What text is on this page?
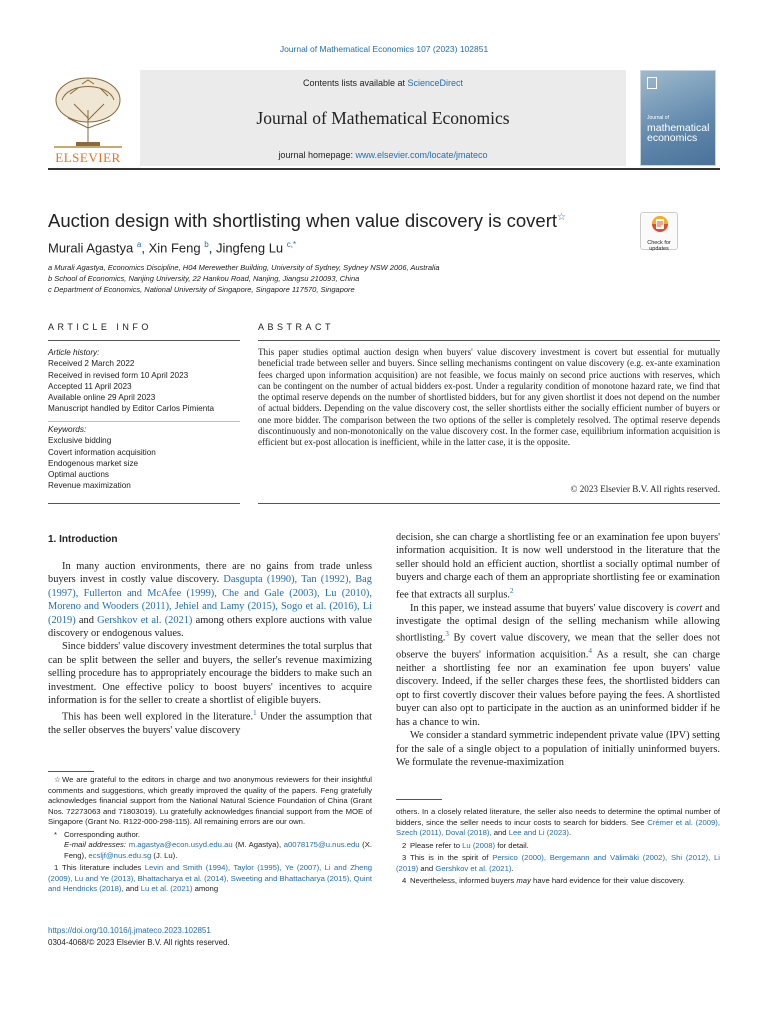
Journal of Mathematical Economics 107 (2023) 102851
ELSEVIER
Contents lists available at ScienceDirect
Journal of Mathematical Economics
journal homepage: www.elsevier.com/locate/jmateco
Journal of
mathematical
economics
Auction design with shortlisting when value discovery is covert☆
Check for
updates
Murali Agastya $^a$, Xin Feng $^b$, Jingfeng Lu $^{c,*}$
a Murali Agastya, Economics Discipline, H04 Merewether Building, University of Sydney, Sydney NSW 2006, Australia
b School of Economics, Nanjing University, 22 Hankou Road, Nanjing, Jiangsu 210093, China
c Department of Economics, National University of Singapore, Singapore 117570, Singapore
ARTICLE INFO	ABSTRACT
Article history:
Received 2 March 2022
Received in revised form 10 April 2023
Accepted 11 April 2023
Available online 29 April 2023
Manuscript handled by Editor Carlos Pimienta
Keywords:
Exclusive bidding
Covert information acquisition
Endogenous market size
Optimal auctions
Revenue maximization
This paper studies optimal auction design when buyers' value discovery investment is covert but essential for mutually beneficial trade between seller and buyers. Since selling mechanisms contingent on value discovery (e.g. ex-ante examination fees charged upon information acquisition) are not feasible, we focus mainly on second price auctions with reserves, which can be contingent on the number of actual bidders ex-post. Under a regularity condition of monotone hazard rate, we find that the optimal reserve depends on the number of shortlisted bidders, but for any given shortlist it does not depend on the number of actual bidders. Depending on the value discovery cost, the seller shortlists either the socially efficient number of buyers or one more bidder. The comparison between the two options of the seller is completely resolved. The optimal reserve depends discontinuously and non-monotonically on the value discovery cost. In the former case, equilibrium information acquisition is efficient but ex-post allocation is inefficient, while in the latter case, it is the opposite.
© 2023 Elsevier B.V. All rights reserved.
1. Introduction

In many auction environments, there are no gains from trade unless buyers invest in costly value discovery. Dasgupta (1990), Tan (1992), Bag (1997), Fullerton and McAfee (1999), Che and Gale (2003), Lu (2010), Moreno and Wooders (2011), Jehiel and Lamy (2015), Sogo et al. (2016), Li (2019) and Gershkov et al. (2021) among others explore auctions with value discovery or endogenous values.

Since bidders' value discovery investment determines the total surplus that can be split between the seller and buyers, the seller's revenue maximizing selling procedure has to appropriately encourage the bidders to make such an investment. One effective policy to boost buyers' incentives to acquire information is for the seller to create a shortlist of eligible buyers.

This has been well explored in the literature.$^1$ Under the assumption that the seller observes the buyers' value discovery

decision, she can charge a shortlisting fee or an examination fee upon buyers' information acquisition. It is now well understood in the literature that the seller should hold an efficient auction, shortlist a socially optimal number of buyers and charge each of them an appropriate shortlisting fee or examination fee that extracts all surplus.$^2$

In this paper, we instead assume that buyers' value discovery is covert and investigate the optimal design of the selling mechanism while allowing shortlisting.$^3$ By covert value discovery, we mean that the seller does not observe the buyers' information acquisition.$^4$ As a result, she can charge neither a shortlisting fee nor an examination fee upon buyers' value discovery. Indeed, if the seller charges these fees, the shortlisted bidders can opt to first covertly discover their values before paying the fees. A shortlisted buyer can also opt to participate in the auction as an uninformed bidder if he has a chance to win.

We consider a standard symmetric independent private value (IPV) setting for the sale of a single object to a population of initially uninformed buyers. We formulate the revenue-maximization

☆We are grateful to the editors in charge and two anonymous reviewers for their insightful comments and suggestions, which greatly improved the quality of the papers. Feng gratefully acknowledges financial support from the National Natural Science Foundation of China (Grant Nos. 72273063 and 71803019). Lu gratefully acknowledges financial support from the MOE of Singapore (Grant No. R122-000-298-115). All remaining errors are our own.
* Corresponding author.
E-mail addresses: m.agastya@econ.usyd.edu.au (M. Agastya), a0078175@u.nus.edu (X. Feng), ecsljf@nus.edu.sg (J. Lu).
1 This literature includes Levin and Smith (1994), Taylor (1995), Ye (2007), Li and Zheng (2009), Lu and Ye (2013), Bhattacharya et al. (2014), Sweeting and Bhattacharya (2015), Quint and Hendricks (2018), and Lu et al. (2021) among
others. In a closely related literature, the seller also needs to determine the optimal number of bidders, since the seller needs to incur costs to search for bidders. See Crémer et al. (2009), Szech (2011), Doval (2018), and Lee and Li (2023).
2 Please refer to Lu (2008) for detail.
3 This is in the spirit of Persico (2000), Bergemann and Välimäki (2002), Shi (2012), Li (2019) and Gershkov et al. (2021).
4 Nevertheless, informed buyers may have hard evidence for their value discovery.
https://doi.org/10.1016/j.jmateco.2023.102851
0304-4068/© 2023 Elsevier B.V. All rights reserved.
